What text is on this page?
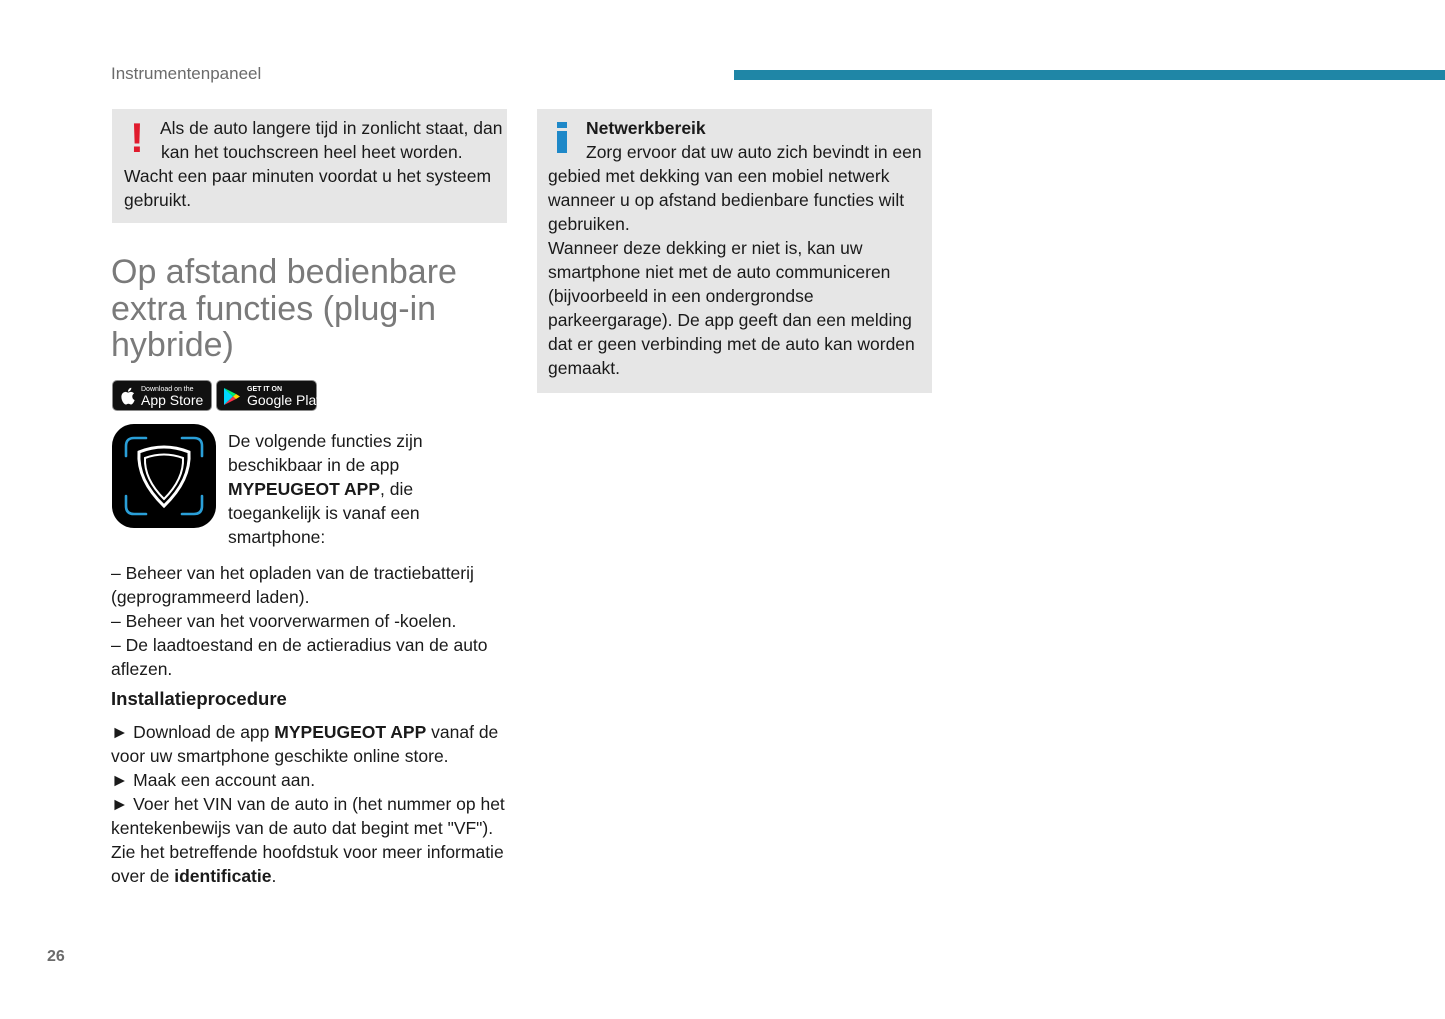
Instrumentenpaneel
! Als de auto langere tijd in zonlicht staat, dan
kan het touchscreen heel heet worden.
Wacht een paar minuten voordat u het systeem
gebruikt.
Netwerkbereik
Zorg ervoor dat uw auto zich bevindt in een
gebied met dekking van een mobiel netwerk
wanneer u op afstand bedienbare functies wilt
gebruiken.
Wanneer deze dekking er niet is, kan uw
smartphone niet met de auto communiceren
(bijvoorbeeld in een ondergrondse
parkeergarage). De app geeft dan een melding
dat er geen verbinding met de auto kan worden
gemaakt.
Op afstand bedienbare
extra functies (plug-in
hybride)
Download on the
App Store
GET IT ON
Google Play
De volgende functies zijn
beschikbaar in de app
MYPEUGEOT APP, die
toegankelijk is vanaf een
smartphone:
– Beheer van het opladen van de tractiebatterij
(geprogrammeerd laden).
– Beheer van het voorverwarmen of -koelen.
– De laadtoestand en de actieradius van de auto
aflezen.
Installatieprocedure
► Download de app MYPEUGEOT APP vanaf de
voor uw smartphone geschikte online store.
► Maak een account aan.
► Voer het VIN van de auto in (het nummer op het
kentekenbewijs van de auto dat begint met "VF").
Zie het betreffende hoofdstuk voor meer informatie
over de identificatie.
26
